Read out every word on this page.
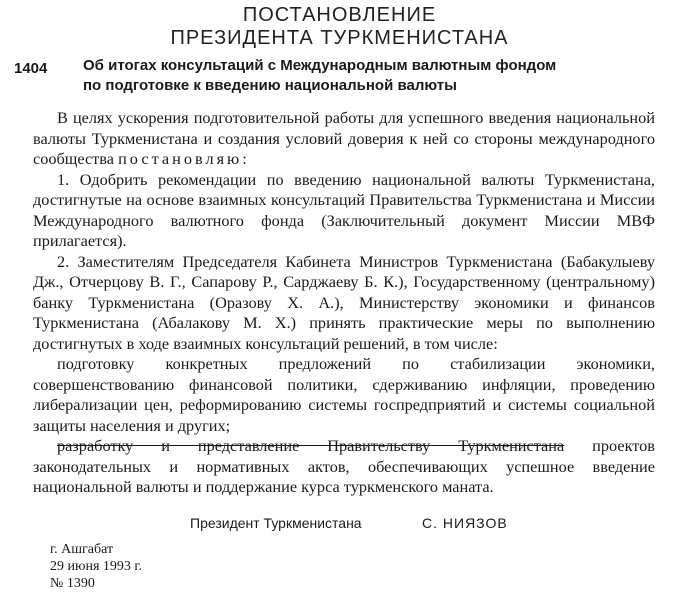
ПОСТАНОВЛЕНИЕ
ПРЕЗИДЕНТА ТУРКМЕНИСТАНА
1404 Об итогах консультаций с Международным валютным фондом
по подготовке к введению национальной валюты

В целях ускорения подготовительной работы для успешного введения национальной валюты Туркменистана и создания условий доверия к ней со стороны международного сообщества постановляю:

1. Одобрить рекомендации по введению национальной валюты Туркменистана, достигнутые на основе взаимных консультаций Правительства Туркменистана и Миссии Международного валютного фонда (Заключительный документ Миссии МВФ прилагается).

2. Заместителям Председателя Кабинета Министров Туркменистана (Бабакулыеву Дж., Отчерцову В. Г., Сапарову Р., Сарджаеву Б. К.), Государственному (центральному) банку Туркменистана (Оразову Х. А.), Министерству экономики и финансов Туркменистана (Абалакову М. Х.) принять практические меры по выполнению достигнутых в ходе взаимных консультаций решений, в том числе:

подготовку конкретных предложений по стабилизации экономики, совершенствованию финансовой политики, сдерживанию инфляции, проведению либерализации цен, реформированию системы госпредприятий и системы социальной защиты населения и других;

разработку и представление Правительству Туркменистана проектов законодательных и нормативных актов, обеспечивающих успешное введение национальной валюты и поддержание курса туркменского маната.

Президент Туркменистана	С. НИЯЗОВ
г. Ашгабат
29 июня 1993 г.
№ 1390
